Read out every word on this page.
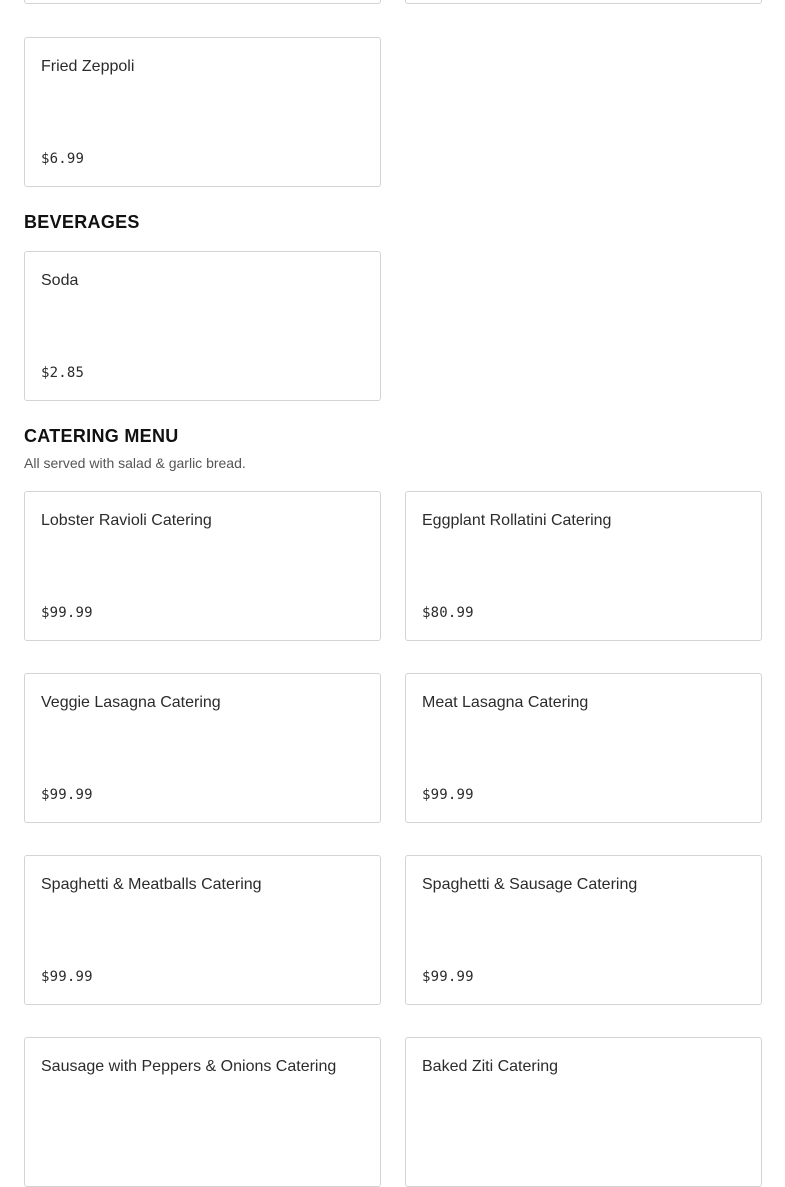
Fried Zeppoli
$6.99
BEVERAGES
Soda
$2.85
CATERING MENU

All served with salad & garlic bread.

Lobster Ravioli Catering
$99.99
Eggplant Rollatini Catering
$80.99
Veggie Lasagna Catering
$99.99
Meat Lasagna Catering
$99.99
Spaghetti & Meatballs Catering
$99.99
Spaghetti & Sausage Catering
$99.99
Sausage with Peppers & Onions Catering	Baked Ziti Catering
